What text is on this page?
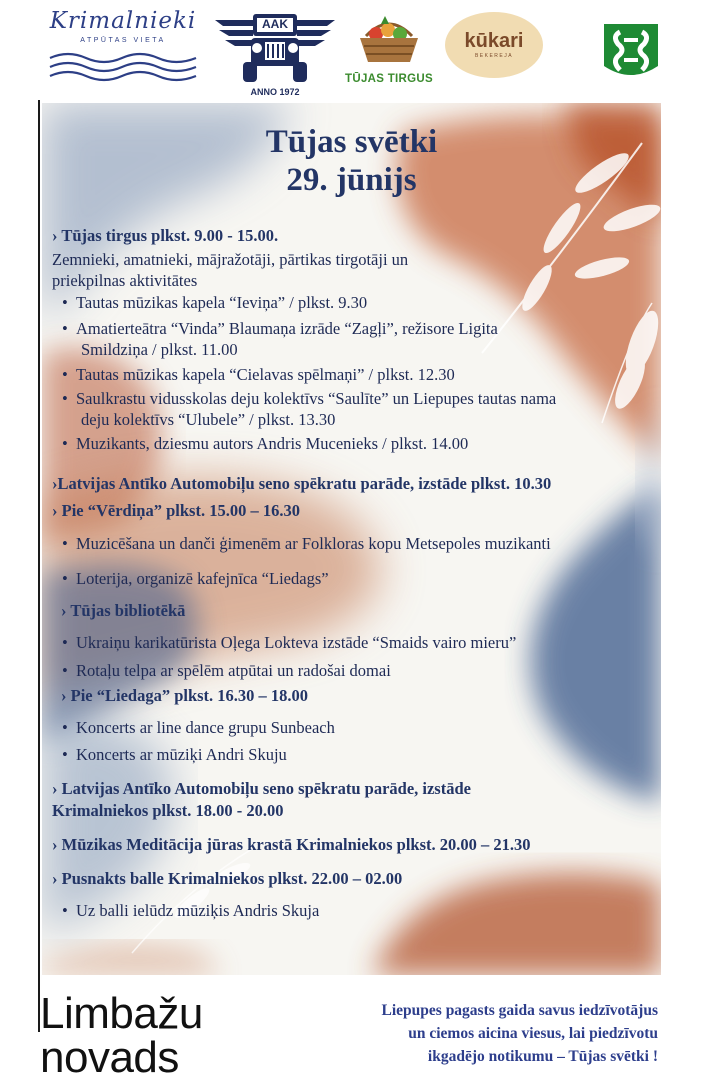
Krimalnieki
ATPŪTAS VIETA
AAK
ANNO 1972
TŪJAS TIRGUS
kūkari
BEKEREJA
Tūjas svētki
29. jūnijs
› Tūjas tirgus plkst. 9.00 - 15.00.
Zemnieki, amatnieki, mājražotāji, pārtikas tirgotāji un
priekpilnas aktivitātes
• Tautas mūzikas kapela “Ieviņa” / plkst. 9.30
• Amatierteātra “Vinda” Blaumaņa izrāde “Zagļi”, režisore Ligita
Smildziņa / plkst. 11.00
• Tautas mūzikas kapela “Cielavas spēlmaņi” / plkst. 12.30
• Saulkrastu vidusskolas deju kolektīvs “Saulīte” un Liepupes tautas nama
deju kolektīvs “Ulubele” / plkst. 13.30
• Muzikants, dziesmu autors Andris Mucenieks / plkst. 14.00
›Latvijas Antīko Automobiļu seno spēkratu parāde, izstāde plkst. 10.30
› Pie “Vērdiņa” plkst. 15.00 – 16.30
• Muzicēšana un danči ģimenēm ar Folkloras kopu Metsepoles muzikanti
• Loterija, organizē kafejnīca “Liedags”
› Tūjas bibliotēkā
• Ukraiņu karikatūrista Oļega Lokteva izstāde “Smaids vairo mieru”
• Rotaļu telpa ar spēlēm atpūtai un radošai domai
› Pie “Liedaga” plkst. 16.30 – 18.00
• Koncerts ar line dance grupu Sunbeach
• Koncerts ar mūziķi Andri Skuju
› Latvijas Antīko Automobiļu seno spēkratu parāde, izstāde
Krimalniekos plkst. 18.00 - 20.00
› Mūzikas Meditācija jūras krastā Krimalniekos plkst. 20.00 – 21.30
› Pusnakts balle Krimalniekos plkst. 22.00 – 02.00
• Uz balli ielūdz mūziķis Andris Skuja
Limbažu
novads
Liepupes pagasts gaida savus iedzīvotājus
un ciemos aicina viesus, lai piedzīvotu
ikgadējo notikumu – Tūjas svētki !
